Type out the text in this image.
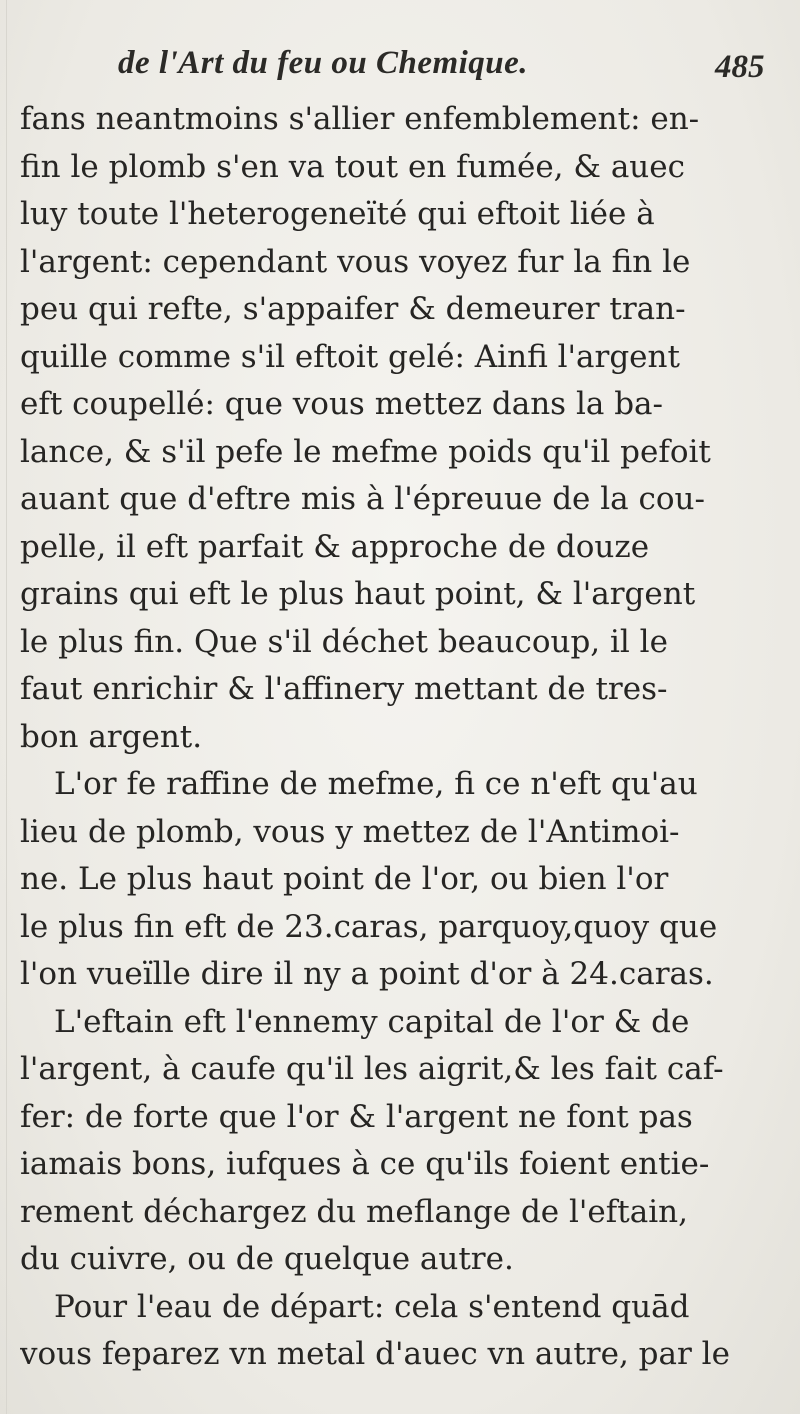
de l'Art du feu ou Chemique.	485
fans neantmoins s'allier enfemblement: en-
fin le plomb s'en va tout en fumée, & auec
luy toute l'heterogeneïté qui eftoit liée à
l'argent: cependant vous voyez fur la fin le
peu qui refte, s'appaifer & demeurer tran-
quille comme s'il eftoit gelé: Ainfi l'argent
eft coupellé: que vous mettez dans la ba-
lance, & s'il pefe le mefme poids qu'il pefoit
auant que d'eftre mis à l'épreuue de la cou-
pelle, il eft parfait & approche de douze
grains qui eft le plus haut point, & l'argent
le plus fin. Que s'il déchet beaucoup, il le
faut enrichir & l'affinery mettant de tres-
bon argent.
L'or fe raffine de mefme, fi ce n'eft qu'au
lieu de plomb, vous y mettez de l'Antimoi-
ne. Le plus haut point de l'or, ou bien l'or
le plus fin eft de 23.caras, parquoy,quoy que
l'on vueïlle dire il ny a point d'or à 24.caras.
L'eftain eft l'ennemy capital de l'or & de
l'argent, à caufe qu'il les aigrit,& les fait caf-
fer: de forte que l'or & l'argent ne font pas
iamais bons, iufques à ce qu'ils foient entie-
rement déchargez du meflange de l'eftain,
du cuivre, ou de quelque autre.
Pour l'eau de départ: cela s'entend quād
vous feparez vn metal d'auec vn autre, par le
